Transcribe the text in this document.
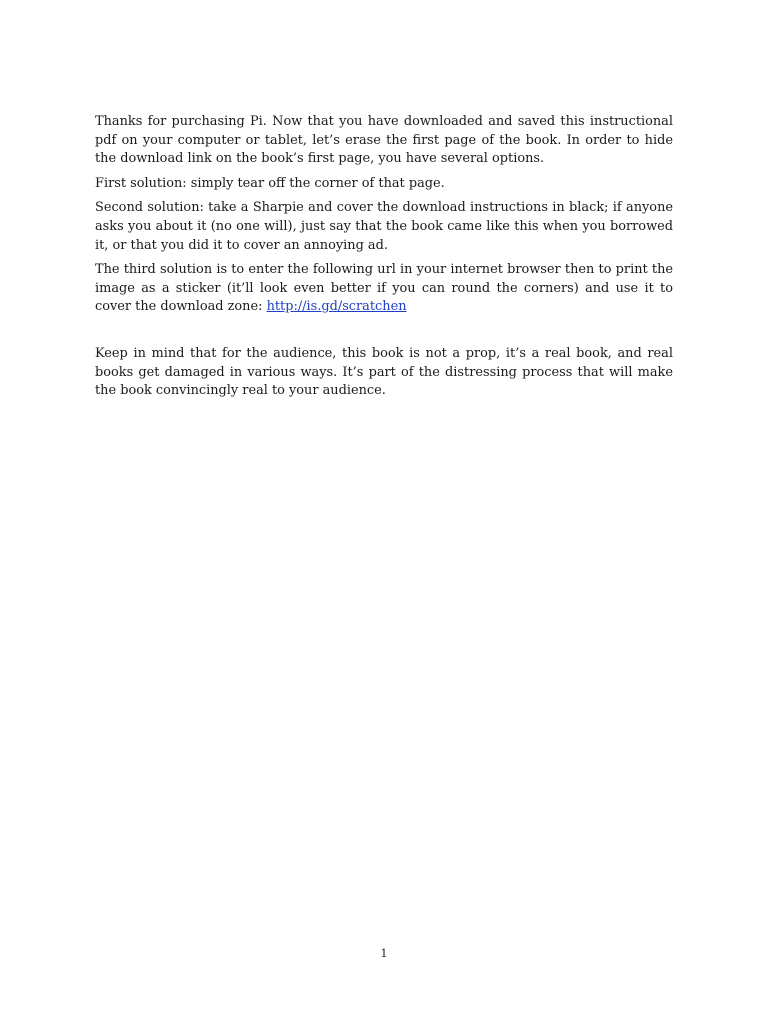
Thanks for purchasing Pi. Now that you have downloaded and saved this instructional pdf on your computer or tablet, let’s erase the first page of the book. In order to hide the download link on the book’s first page, you have several options.

First solution: simply tear off the corner of that page.

Second solution: take a Sharpie and cover the download instructions in black; if anyone asks you about it (no one will), just say that the book came like this when you borrowed it, or that you did it to cover an annoying ad.

The third solution is to enter the following url in your internet browser then to print the image as a sticker (it’ll look even better if you can round the corners) and use it to cover the download zone: http://is.gd/scratchen

Keep in mind that for the audience, this book is not a prop, it’s a real book, and real books get damaged in various ways. It’s part of the distressing process that will make the book convincingly real to your audience.

1
